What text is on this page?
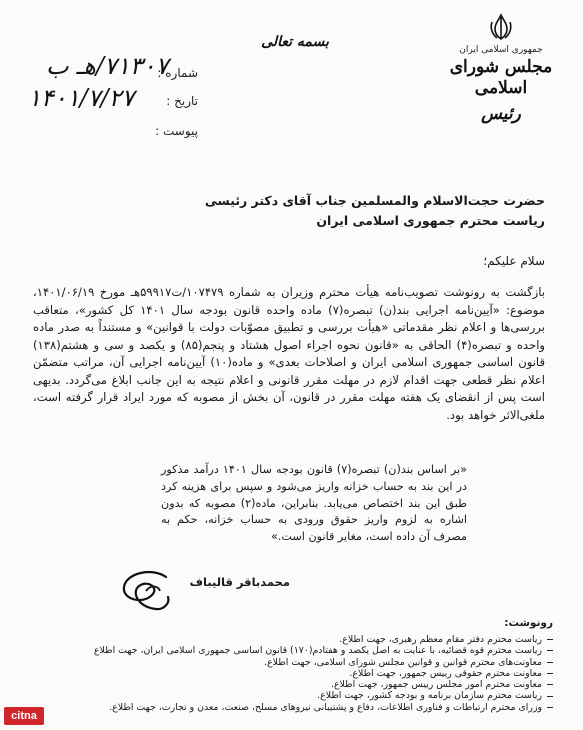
جمهوری اسلامی ایران
مجلس شورای اسلامی
رئیس
بسمه تعالی
شماره :
۷۱۳۰۷/هـ ب
تاریخ :
۱۴۰۱/۷/۲۷
پیوست :
حضرت حجت‌الاسلام والمسلمین جناب آقای دکتر رئیسی
ریاست محترم جمهوری اسلامی ایران
سلام علیکم؛
بازگشت به رونوشت تصویب‌نامه هیأت محترم وزیران به شماره ۱۰۷۴۷۹/ت۵۹۹۱۷هـ مورخ ۱۴۰۱/۰۶/۱۹، موضوع: «آیین‌نامه اجرایی بند(ن) تبصره(۷) ماده واحده قانون بودجه سال ۱۴۰۱ کل کشور»، متعاقب بررسی‌ها و اعلام نظر مقدماتی «هیأت بررسی و تطبیق مصوّبات دولت با قوانین» و مستنداً به صدر ماده واحده و تبصره(۴) الحاقی به «قانون نحوه اجراء اصول هشتاد و پنجم(۸۵) و یکصد و سی و هشتم(۱۳۸) قانون اساسی جمهوری اسلامی ایران و اصلاحات بعدی» و ماده(۱۰) آیین‌نامه اجرایی آن، مراتب متضمّن اعلام نظر قطعی جهت اقدام لازم در مهلت مقرر قانونی و اعلام نتیجه به این جانب ابلاغ می‌گردد. بدیهی است پس از انقضای یک هفته مهلت مقرر در قانون، آن بخش از مصوبه که مورد ایراد قرار گرفته است، ملغی‌الاثر خواهد بود.
«بر اساس بند(ن) تبصره(۷) قانون بودجه سال ۱۴۰۱ درآمد مذکور در این بند به حساب خزانه واریز می‌شود و سپس برای هزینه کرد طبق این بند اختصاص می‌یابد. بنابراین، ماده(۲) مصوبه که بدون اشاره به لزوم واریز حقوق ورودی به حساب خزانه، حکم به مصرف آن داده است، مغایر قانون است.»
محمدباقر قالیباف
رونوشت:
ریاست محترم دفتر مقام معظم رهبری، جهت اطلاع.
ریاست محترم قوه قضائیه، با عنایت به اصل یکصد و هفتادم(۱۷۰) قانون اساسی جمهوری اسلامی ایران، جهت اطلاع
معاونت‌های محترم قوانین و قوانین مجلس شورای اسلامی، جهت اطلاع.
معاونت محترم حقوقی رییس جمهور، جهت اطلاع.
معاونت محترم امور مجلس رییس جمهور، جهت اطلاع.
ریاست محترم سازمان برنامه و بودجه کشور، جهت اطلاع.
وزرای محترم ارتباطات و فناوری اطلاعات، دفاع و پشتیبانی نیروهای مسلح، صنعت، معدن و تجارت، جهت اطلاع.
citna
